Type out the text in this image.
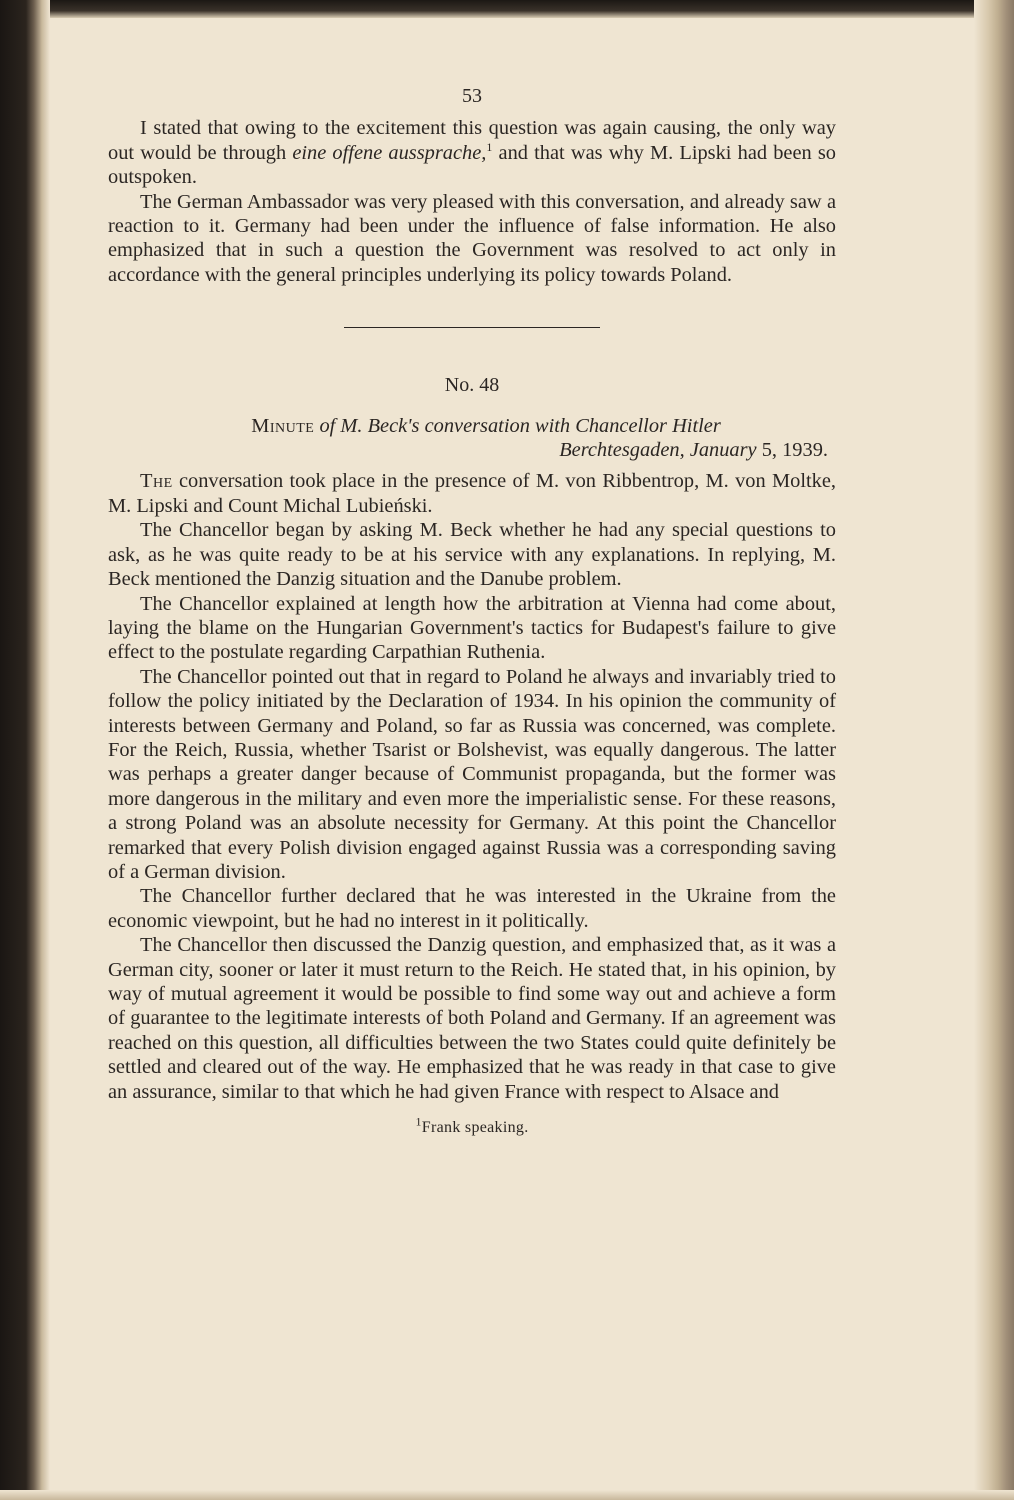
53

I stated that owing to the excitement this question was again causing, the only way out would be through eine offene aussprache,$^1$ and that was why M. Lipski had been so outspoken.

The German Ambassador was very pleased with this conversation, and already saw a reaction to it. Germany had been under the influence of false information. He also emphasized that in such a question the Government was resolved to act only in accordance with the general principles underlying its policy towards Poland.

No. 48
Minute of M. Beck's conversation with Chancellor Hitler
Berchtesgaden, January 5, 1939.

The conversation took place in the presence of M. von Ribbentrop, M. von Moltke, M. Lipski and Count Michal Lubieński.

The Chancellor began by asking M. Beck whether he had any special questions to ask, as he was quite ready to be at his service with any explanations. In replying, M. Beck mentioned the Danzig situation and the Danube problem.

The Chancellor explained at length how the arbitration at Vienna had come about, laying the blame on the Hungarian Government's tactics for Budapest's failure to give effect to the postulate regarding Carpathian Ruthenia.

The Chancellor pointed out that in regard to Poland he always and invariably tried to follow the policy initiated by the Declaration of 1934. In his opinion the community of interests between Germany and Poland, so far as Russia was concerned, was complete. For the Reich, Russia, whether Tsarist or Bolshevist, was equally dangerous. The latter was perhaps a greater danger because of Communist propaganda, but the former was more dangerous in the military and even more the imperialistic sense. For these reasons, a strong Poland was an absolute necessity for Germany. At this point the Chancellor remarked that every Polish division engaged against Russia was a corresponding saving of a German division.

The Chancellor further declared that he was interested in the Ukraine from the economic viewpoint, but he had no interest in it politically.

The Chancellor then discussed the Danzig question, and emphasized that, as it was a German city, sooner or later it must return to the Reich. He stated that, in his opinion, by way of mutual agreement it would be possible to find some way out and achieve a form of guarantee to the legitimate interests of both Poland and Germany. If an agreement was reached on this question, all difficulties between the two States could quite definitely be settled and cleared out of the way. He emphasized that he was ready in that case to give an assurance, similar to that which he had given France with respect to Alsace and

$^1$Frank speaking.
